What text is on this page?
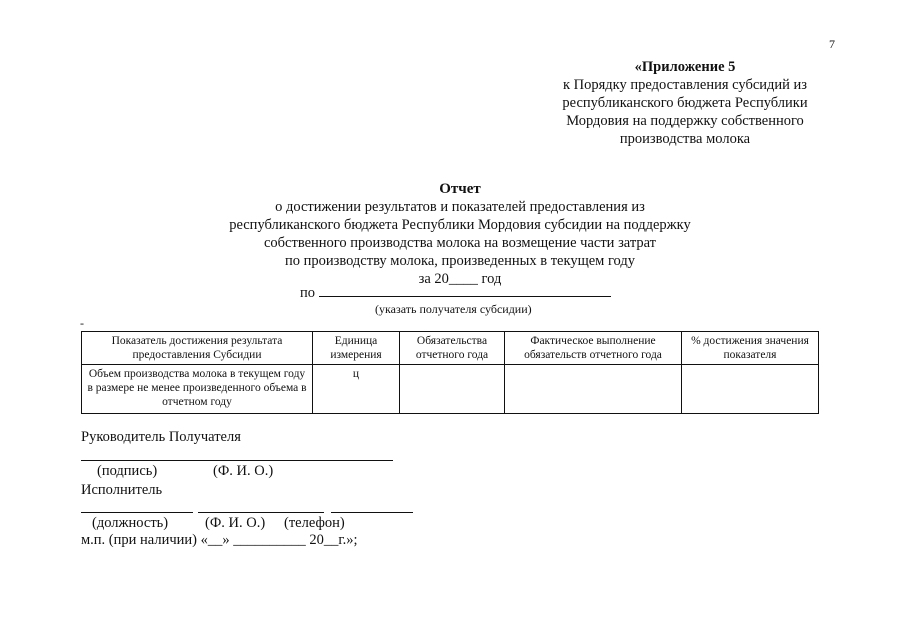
7
«Приложение 5
к Порядку предоставления субсидий из
республиканского бюджета Республики
Мордовия на поддержку собственного
производства молока
Отчет
о достижении результатов и показателей предоставления из
республиканского бюджета Республики Мордовия субсидии на поддержку
собственного производства молока на возмещение части затрат
по производству молока, произведенных в текущем году
за 20____ год
по
(указать получателя субсидии)
-
Показатель достижения результата предоставления Субсидии	Единица измерения	Обязательства отчетного года	Фактическое выполнение обязательств отчетного года	% достижения значения показателя
Объем производства молока в текущем году в размере не менее произведенного объема в отчетном году	ц			
Руководитель Получателя
(подпись)	(Ф. И. О.)
Исполнитель
(должность)	(Ф. И. О.) (телефон)
м.п. (при наличии) «__» __________ 20__г.»;
